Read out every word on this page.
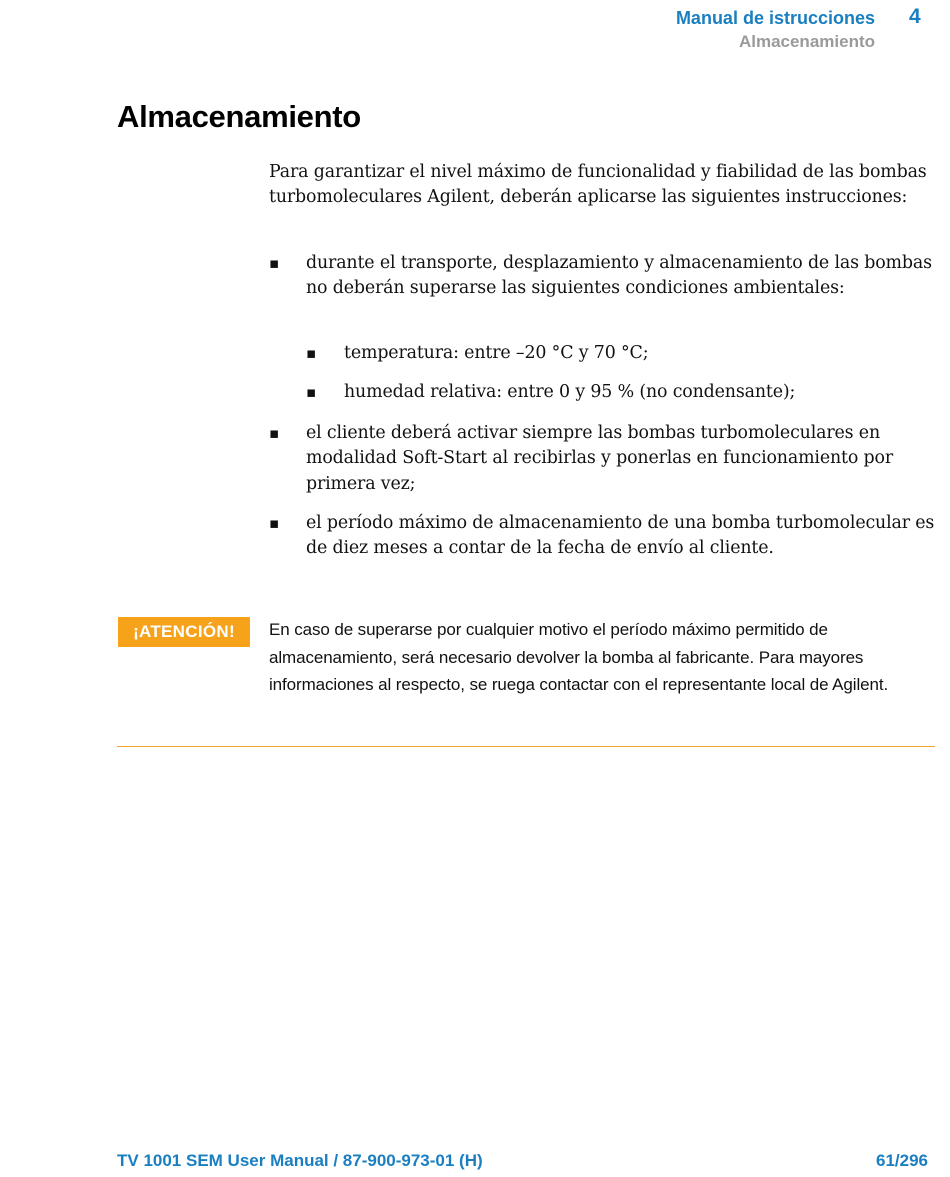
Manual de istrucciones 4
Almacenamiento
Almacenamiento
Para garantizar el nivel máximo de funcionalidad y fiabilidad de las bombas turbomoleculares Agilent, deberán aplicarse las siguientes instrucciones:
▪	durante el transporte, desplazamiento y almacenamiento de las bombas no deberán superarse las siguientes condiciones ambientales:
▪	temperatura: entre –20 °C y 70 °C;
▪	humedad relativa: entre 0 y 95 % (no condensante);
▪	el cliente deberá activar siempre las bombas turbomoleculares en modalidad Soft-Start al recibirlas y ponerlas en funcionamiento por primera vez;
▪	el período máximo de almacenamiento de una bomba turbomolecular es de diez meses a contar de la fecha de envío al cliente.
¡ATENCIÓN!	En caso de superarse por cualquier motivo el período máximo permitido de almacenamiento, será necesario devolver la bomba al fabricante. Para mayores informaciones al respecto, se ruega contactar con el representante local de Agilent.
TV 1001 SEM User Manual / 87-900-973-01 (H)	61/296
